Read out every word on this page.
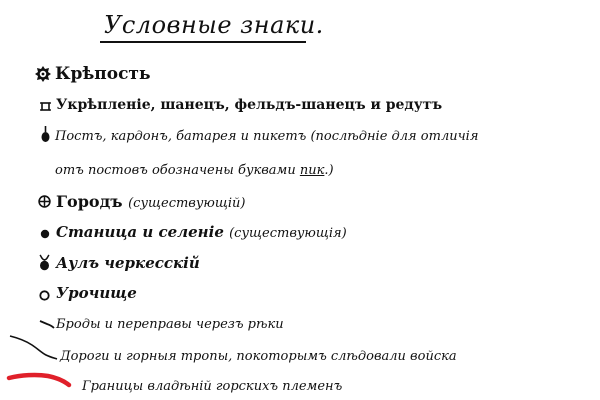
Условные знаки.
Крѣпость
Укрѣпленіе, шанецъ, фельдъ-шанецъ и редутъ
Постъ, кардонъ, батарея и пикетъ (послѣдніе для отличія
отъ постовъ обозначены буквами пик.)
Городъ (существующій)
Станица и селеніе (существующія)
Аулъ черкесскій
Урочище
Броды и переправы черезъ рѣки
Дороги и горныя тропы, покоторымъ слѣдовали войска
Границы владѣній горскихъ племенъ
